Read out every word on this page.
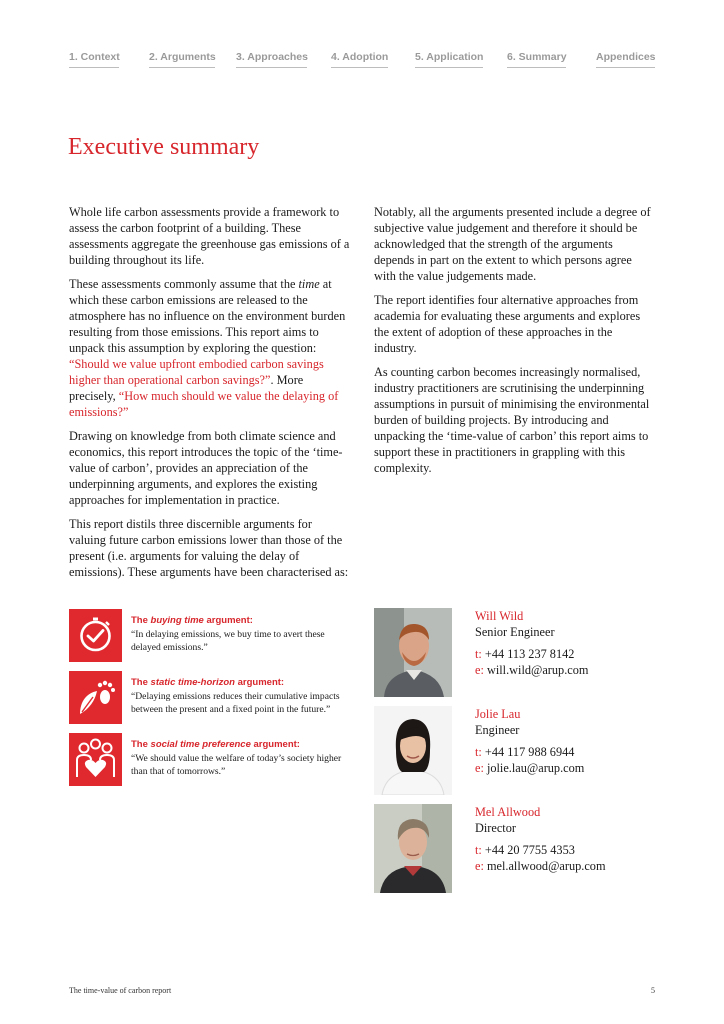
1. Context	2. Arguments 3. Approaches 4. Adoption	5. Application 6. Summary	Appendices
Executive summary

Whole life carbon assessments provide a framework to assess the carbon footprint of a building. These assessments aggregate the greenhouse gas emissions of a building throughout its life.

These assessments commonly assume that the time at which these carbon emissions are released to the atmosphere has no influence on the environment burden resulting from those emissions. This report aims to unpack this assumption by exploring the question: “Should we value upfront embodied carbon savings higher than operational carbon savings?”. More precisely, “How much should we value the delaying of emissions?”

Drawing on knowledge from both climate science and economics, this report introduces the topic of the ‘time-value of carbon’, provides an appreciation of the underpinning arguments, and explores the existing approaches for implementation in practice.

This report distils three discernible arguments for valuing future carbon emissions lower than those of the present (i.e. arguments for valuing the delay of emissions). These arguments have been characterised as:

Notably, all the arguments presented include a degree of subjective value judgement and therefore it should be acknowledged that the strength of the arguments depends in part on the extent to which persons agree with the value judgements made.

The report identifies four alternative approaches from academia for evaluating these arguments and explores the extent of adoption of these approaches in the industry.

As counting carbon becomes increasingly normalised, industry practitioners are scrutinising the underpinning assumptions in pursuit of minimising the environmental burden of building projects. By introducing and unpacking the ‘time-value of carbon’ this report aims to support these in practitioners in grappling with this complexity.

The buying time argument:
“In delaying emissions, we buy time to avert these delayed emissions.”
The static time-horizon argument:
“Delaying emissions reduces their cumulative impacts between the present and a fixed point in the future.”
The social time preference argument:
“We should value the welfare of today’s society higher than that of tomorrows.”
Will Wild
Senior Engineer
t: +44 113 237 8142
e: will.wild@arup.com
Jolie Lau
Engineer
t: +44 117 988 6944
e: jolie.lau@arup.com
Mel Allwood
Director
t: +44 20 7755 4353
e: mel.allwood@arup.com
The time-value of carbon report	5
